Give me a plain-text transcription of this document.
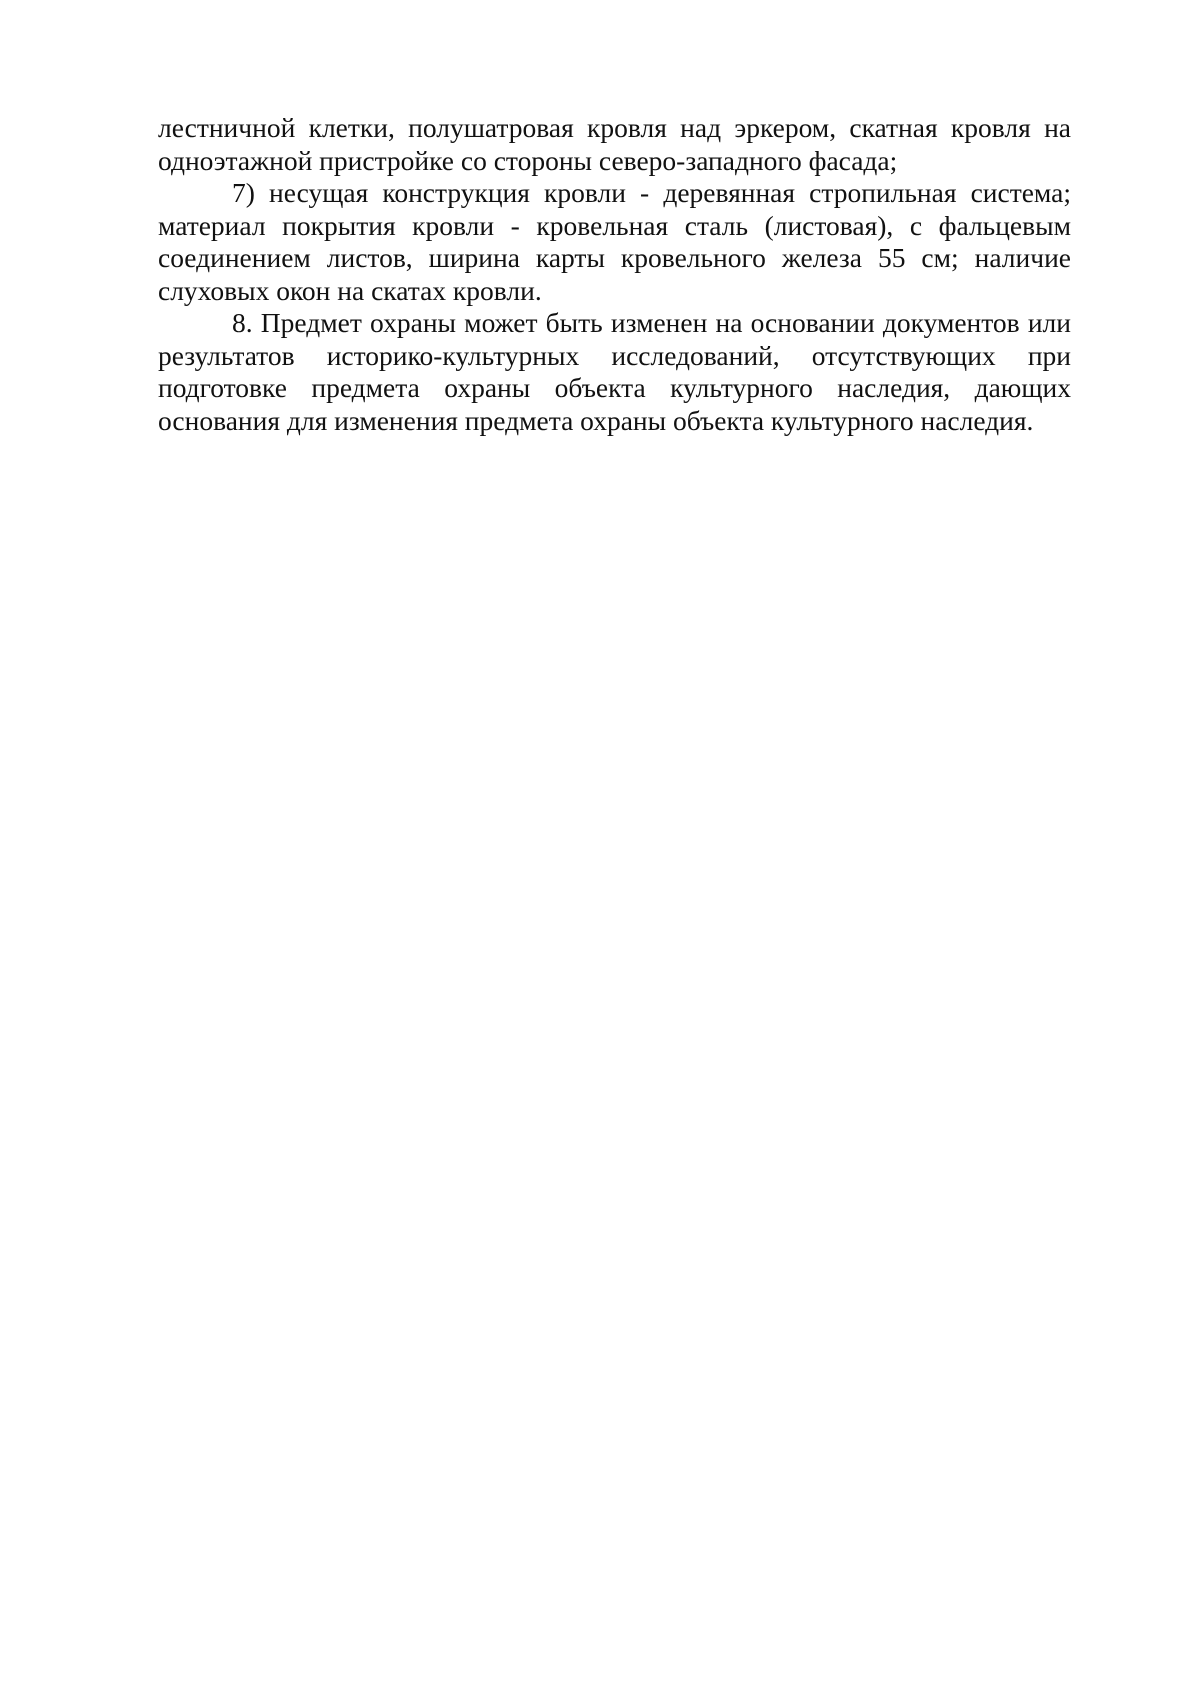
лестничной клетки, полушатровая кровля над эркером, скатная кровля на одноэтажной пристройке со стороны северо-западного фасада;

7) несущая конструкция кровли - деревянная стропильная система; материал покрытия кровли - кровельная сталь (листовая), с фальцевым соединением листов, ширина карты кровельного железа 55 см; наличие слуховых окон на скатах кровли.

8. Предмет охраны может быть изменен на основании документов или результатов историко-культурных исследований, отсутствующих при подготовке предмета охраны объекта культурного наследия, дающих основания для изменения предмета охраны объекта культурного наследия.
